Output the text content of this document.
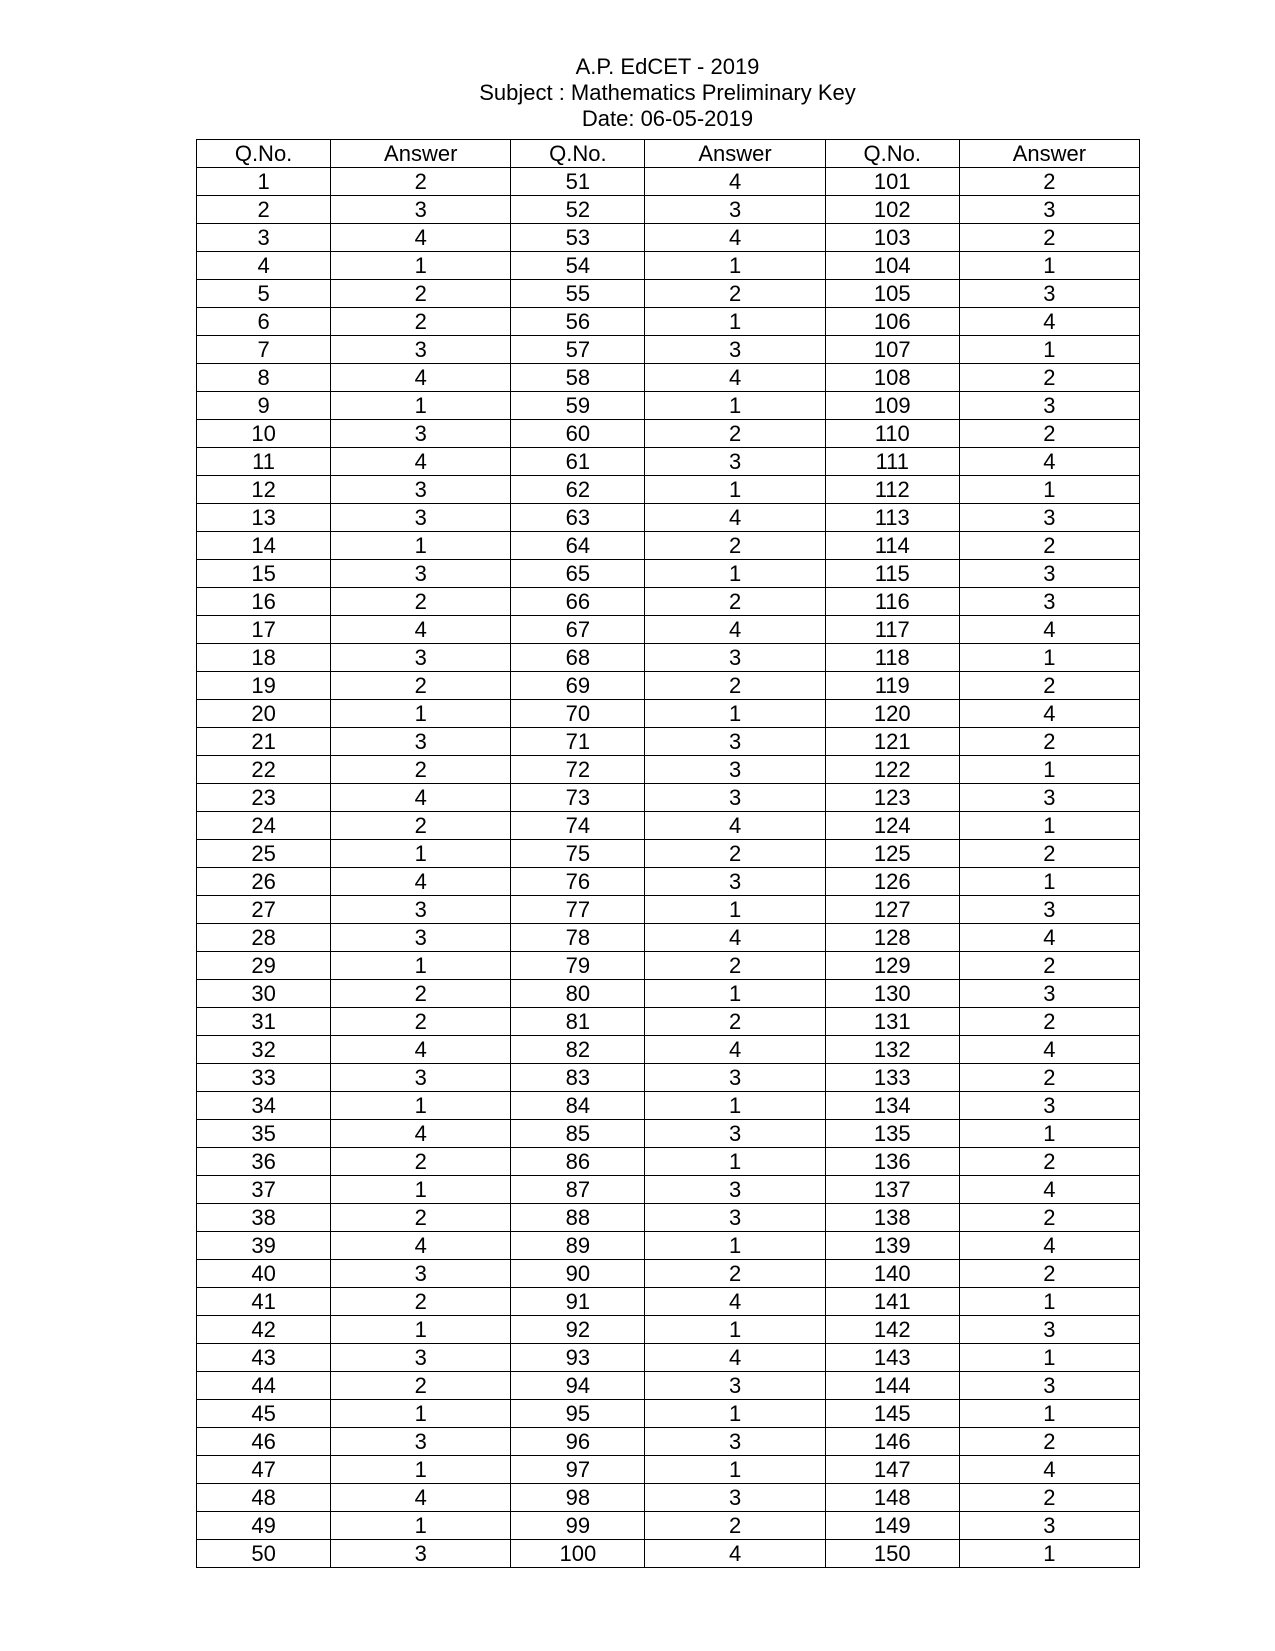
A.P. EdCET - 2019
Subject : Mathematics Preliminary Key
Date: 06-05-2019
Q.No.	Answer	Q.No.	Answer	Q.No.	Answer
1	2	51	4	101	2
2	3	52	3	102	3
3	4	53	4	103	2
4	1	54	1	104	1
5	2	55	2	105	3
6	2	56	1	106	4
7	3	57	3	107	1
8	4	58	4	108	2
9	1	59	1	109	3
10	3	60	2	110	2
11	4	61	3	111	4
12	3	62	1	112	1
13	3	63	4	113	3
14	1	64	2	114	2
15	3	65	1	115	3
16	2	66	2	116	3
17	4	67	4	117	4
18	3	68	3	118	1
19	2	69	2	119	2
20	1	70	1	120	4
21	3	71	3	121	2
22	2	72	3	122	1
23	4	73	3	123	3
24	2	74	4	124	1
25	1	75	2	125	2
26	4	76	3	126	1
27	3	77	1	127	3
28	3	78	4	128	4
29	1	79	2	129	2
30	2	80	1	130	3
31	2	81	2	131	2
32	4	82	4	132	4
33	3	83	3	133	2
34	1	84	1	134	3
35	4	85	3	135	1
36	2	86	1	136	2
37	1	87	3	137	4
38	2	88	3	138	2
39	4	89	1	139	4
40	3	90	2	140	2
41	2	91	4	141	1
42	1	92	1	142	3
43	3	93	4	143	1
44	2	94	3	144	3
45	1	95	1	145	1
46	3	96	3	146	2
47	1	97	1	147	4
48	4	98	3	148	2
49	1	99	2	149	3
50	3	100	4	150	1
